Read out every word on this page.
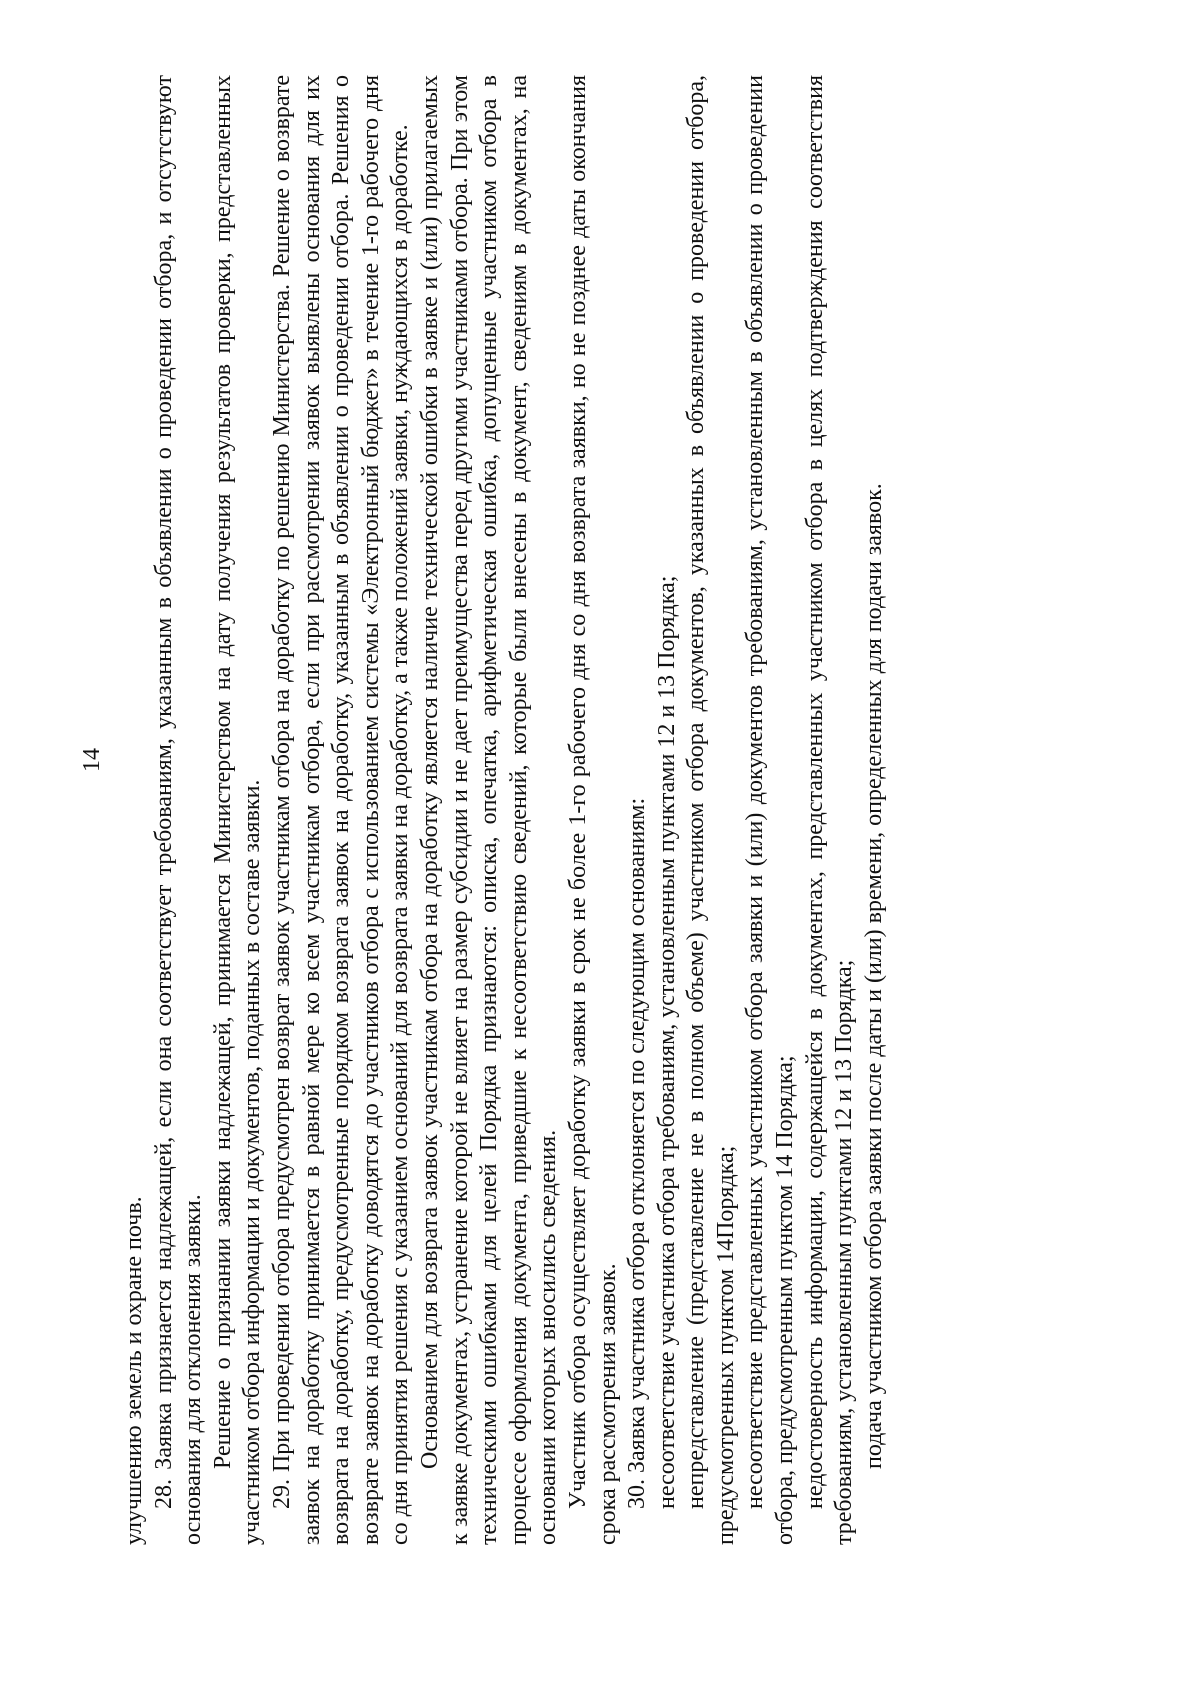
14

улучшению земель и охране почв. 28. Заявка признается надлежащей, если она соответствует требованиям, указанным в объявлении о проведении отбора, и отсутствуют основания для отклонения заявки. Решение о признании заявки надлежащей, принимается Министерством на дату получения результатов проверки, представленных участником отбора информации и документов, поданных в составе заявки. 29. При проведении отбора предусмотрен возврат заявок участникам отбора на доработку по решению Министерства. Решение о возврате заявок на доработку принимается в равной мере ко всем участникам отбора, если при рассмотрении заявок выявлены основания для их возврата на доработку, предусмотренные порядком возврата заявок на доработку, указанным в объявлении о проведении отбора. Решения о возврате заявок на доработку доводятся до участников отбора с использованием системы «Электронный бюджет» в течение 1-го рабочего дня со дня принятия решения с указанием оснований для возврата заявки на доработку, а также положений заявки, нуждающихся в доработке. Основанием для возврата заявок участникам отбора на доработку является наличие технической ошибки в заявке и (или) прилагаемых к заявке документах, устранение которой не влияет на размер субсидии и не дает преимущества перед другими участниками отбора. При этом техническими ошибками для целей Порядка признаются: описка, опечатка, арифметическая ошибка, допущенные участником отбора в процессе оформления документа, приведшие к несоответствию сведений, которые были внесены в документ, сведениям в документах, на основании которых вносились сведения. Участник отбора осуществляет доработку заявки в срок не более 1-го рабочего дня со дня возврата заявки, но не позднее даты окончания срока рассмотрения заявок. 30. Заявка участника отбора отклоняется по следующим основаниям: несоответствие участника отбора требованиям, установленным пунктами 12 и 13 Порядка; непредставление (представление не в полном объеме) участником отбора документов, указанных в объявлении о проведении отбора, предусмотренных пунктом 14Порядка; несоответствие представленных участником отбора заявки и (или) документов требованиям, установленным в объявлении о проведении отбора, предусмотренным пунктом 14 Порядка; недостоверность информации, содержащейся в документах, представленных участником отбора в целях подтверждения соответствия требованиям, установленным пунктами 12 и 13 Порядка; подача участником отбора заявки после даты и (или) времени, определенных для подачи заявок.
